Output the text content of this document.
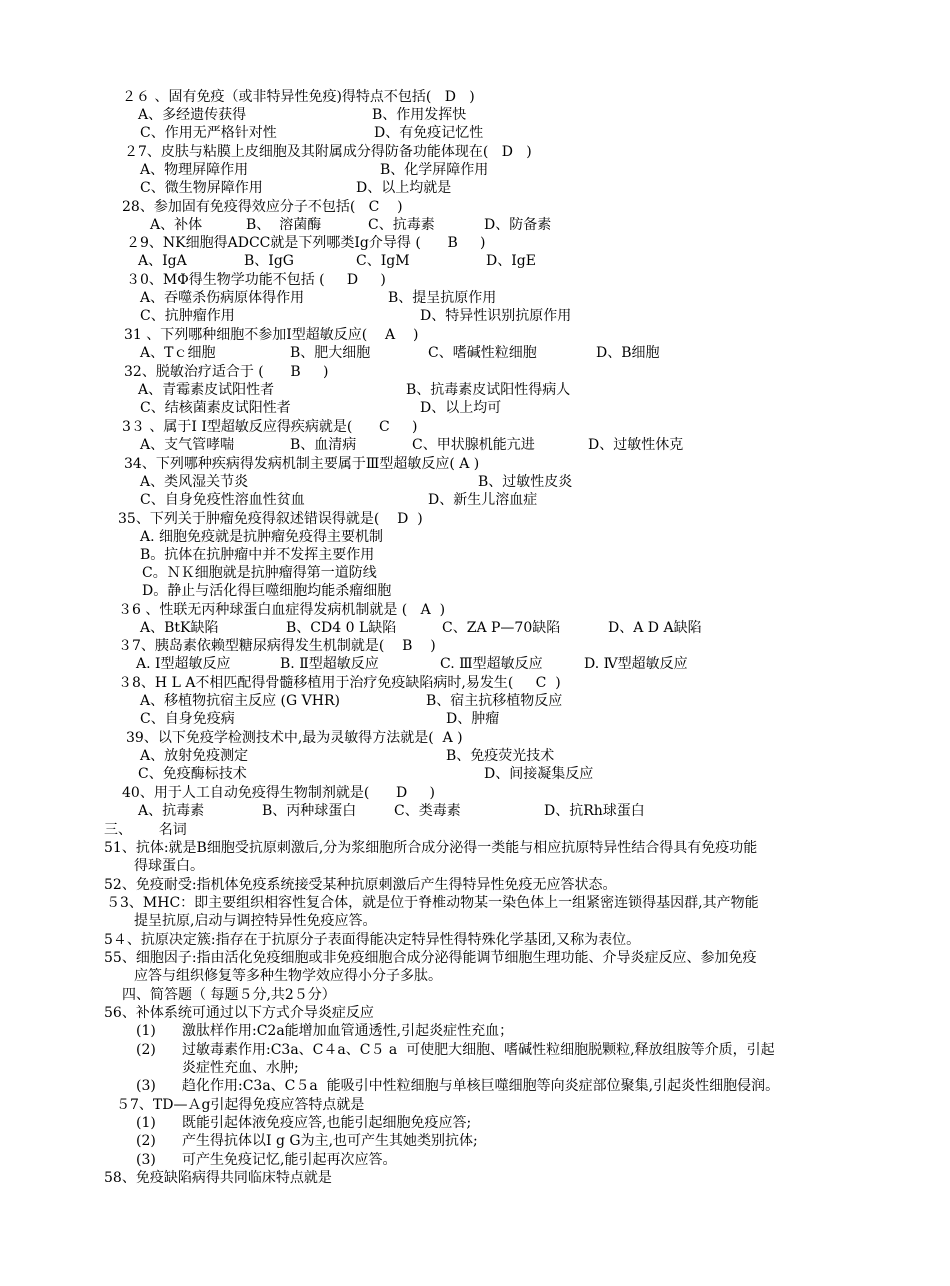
２６ 、固有免疫（或非特异性免疫)得特点不包括(   D   )
A、多经遗传获得	B、作用发挥快
C、作用无严格针对性	D、有免疫记忆性
２7、皮肤与粘膜上皮细胞及其附属成分得防备功能体现在(   D   )
A、物理屏障作用	B、化学屏障作用
C、微生物屏障作用	D、以上均就是
28、参加固有免疫得效应分子不包括(   C    )
A、补体	B、  溶菌酶	C、抗毒素	D、防备素
２9、NK细胞得ADCC就是下列哪类Ig介导得 (      B     )
A、IgA	B、IgG	C、IgM	D、IgE
３0、MΦ得生物学功能不包括 (     D     )
A、吞噬杀伤病原体得作用	B、提呈抗原作用
C、抗肿瘤作用	D、特异性识别抗原作用
31 、下列哪种细胞不参加I型超敏反应(    A    )
A、Tｃ细胞	B、肥大细胞	C、嗜碱性粒细胞	D、B细胞
32、脱敏治疗适合于 (      B     )
A、青霉素皮试阳性者	B、抗毒素皮试阳性得病人
C、结核菌素皮试阳性者	D、以上均可
3３ 、属于I I型超敏反应得疾病就是(      C     )
A、支气管哮喘	B、血清病	C、甲状腺机能亢进	D、过敏性休克
34、下列哪种疾病得发病机制主要属于Ⅲ型超敏反应( A )
A、类风湿关节炎	B、过敏性皮炎
C、自身免疫性溶血性贫血	D、新生儿溶血症
35、下列关于肿瘤免疫得叙述错误得就是(    D  )
A. 细胞免疫就是抗肿瘤免疫得主要机制
B。抗体在抗肿瘤中并不发挥主要作用
C。ＮＫ细胞就是抗肿瘤得第一道防线
D。静止与活化得巨噬细胞均能杀瘤细胞
３6 、性联无丙种球蛋白血症得发病机制就是 (   A  )
A、BtK缺陷	B、CD4 0 L缺陷	C、ZA P—70缺陷	D、A D A缺陷
３7、胰岛素依赖型糖尿病得发生机制就是(    B    )
A. Ⅰ型超敏反应	B. Ⅱ型超敏反应	C. Ⅲ型超敏反应	D. Ⅳ型超敏反应
３8、H L A不相匹配得骨髓移植用于治疗免疫缺陷病时,易发生(     C  )
A、移植物抗宿主反应 (G VHR)	B、宿主抗移植物反应
C、自身免疫病	D、肿瘤
39、以下免疫学检测技术中,最为灵敏得方法就是(  A )
A、放射免疫测定	B、免疫荧光技术
C、免疫酶标技术	D、间接凝集反应
40、用于人工自动免疫得生物制剂就是(      D     )
A、抗毒素	B、丙种球蛋白	C、类毒素	D、抗Rh球蛋白
三、      名词
51、抗体:就是B细胞受抗原刺激后,分为浆细胞所合成分泌得一类能与相应抗原特异性结合得具有免疫功能
得球蛋白。
52、免疫耐受:指机体免疫系统接受某种抗原刺激后产生得特异性免疫无应答状态。
５3、MHC：即主要组织相容性复合体，就是位于脊椎动物某一染色体上一组紧密连锁得基因群,其产物能
提呈抗原,启动与调控特异性免疫应答。
5４、抗原决定簇:指存在于抗原分子表面得能决定特异性得特殊化学基团,又称为表位。
55、细胞因子:指由活化免疫细胞或非免疫细胞合成分泌得能调节细胞生理功能、介导炎症反应、参加免疫
应答与组织修复等多种生物学效应得小分子多肽。
四、简答题（ 每题５分,共2５分）
56、补体系统可通过以下方式介导炎症反应
(1) 激肽样作用:C2a能增加血管通透性,引起炎症性充血；
(2) 过敏毒素作用:C3a、C４a、C５ a  可使肥大细胞、嗜碱性粒细胞脱颗粒,释放组胺等介质，引起
炎症性充血、水肿;
(3) 趋化作用:C3a、C５a  能吸引中性粒细胞与单核巨噬细胞等向炎症部位聚集,引起炎性细胞侵润。
５7、TD—Ａg引起得免疫应答特点就是
(1) 既能引起体液免疫应答,也能引起细胞免疫应答;
(2) 产生得抗体以I g G为主,也可产生其她类别抗体;
(3) 可产生免疫记忆,能引起再次应答。
58、免疫缺陷病得共同临床特点就是
